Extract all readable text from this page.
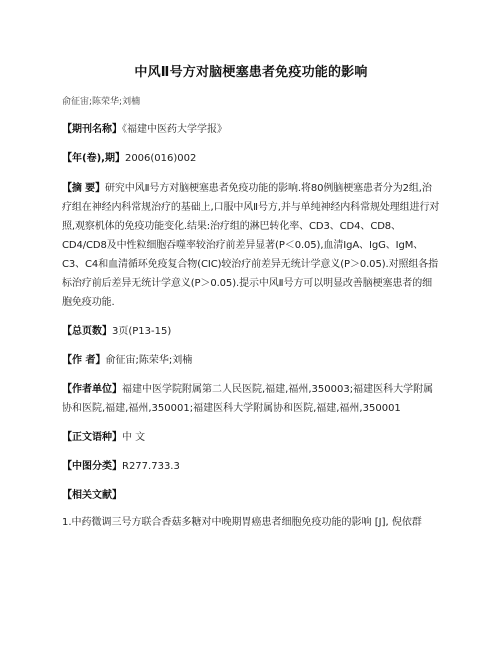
中风Ⅱ号方对脑梗塞患者免疫功能的影响
俞征宙;陈荣华;刘楠
【期刊名称】《福建中医药大学学报》
【年(卷),期】2006(016)002
【摘 要】研究中风Ⅱ号方对脑梗塞患者免疫功能的影响.将80例脑梗塞患者分为2组,治疗组在神经内科常规治疗的基础上,口服中风Ⅱ号方,并与单纯神经内科常规处理组进行对照,观察机体的免疫功能变化.结果:治疗组的淋巴转化率、CD3、CD4、CD8、CD4/CD8及中性粒细胞吞噬率较治疗前差异显著(P＜0.05),血清IgA、IgG、IgM、C3、C4和血清循环免疫复合物(CIC)较治疗前差异无统计学意义(P＞0.05).对照组各指标治疗前后差异无统计学意义(P＞0.05).提示中风Ⅱ号方可以明显改善脑梗塞患者的细胞免疫功能.
【总页数】3页(P13-15)
【作 者】俞征宙;陈荣华;刘楠
【作者单位】福建中医学院附属第二人民医院,福建,福州,350003;福建医科大学附属协和医院,福建,福州,350001;福建医科大学附属协和医院,福建,福州,350001
【正文语种】中 文
【中图分类】R277.733.3
【相关文献】
1.中药微调三号方联合香菇多糖对中晚期胃癌患者细胞免疫功能的影响 [J], 倪依群
